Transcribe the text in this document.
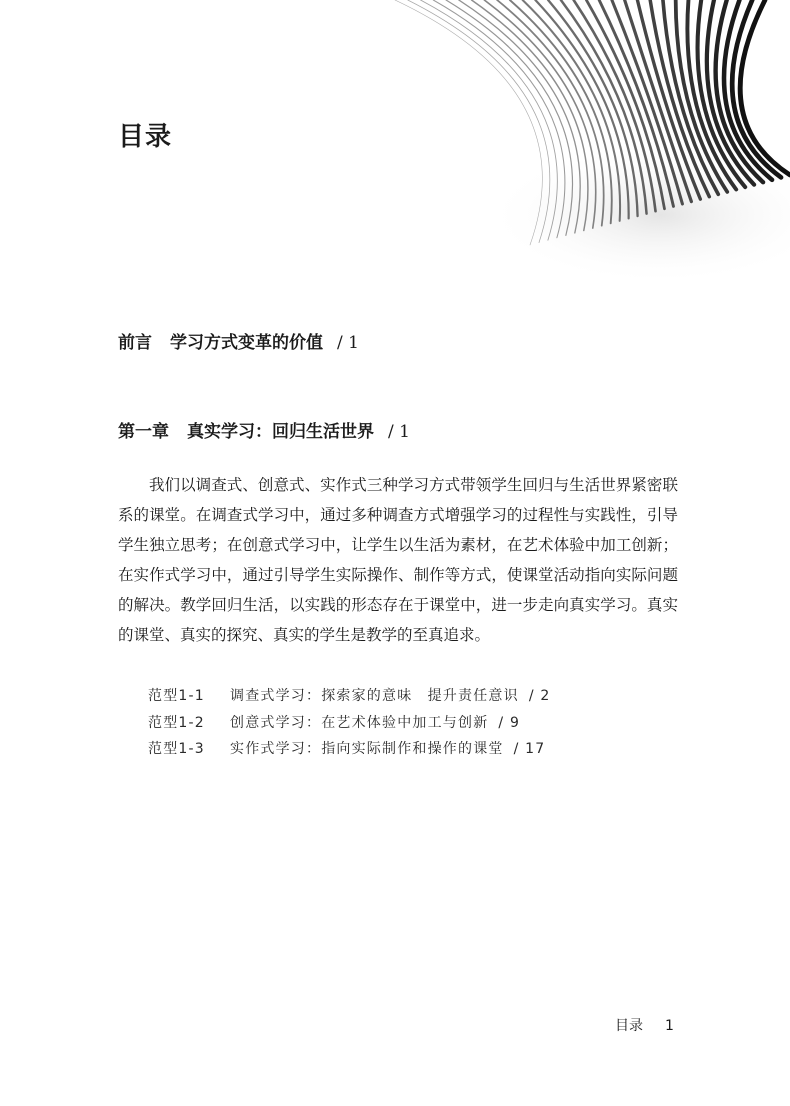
目录
前言 学习方式变革的价值 / 1
第一章 真实学习：回归生活世界 / 1

我们以调查式、创意式、实作式三种学习方式带领学生回归与生活世界紧密联系的课堂。在调查式学习中，通过多种调查方式增强学习的过程性与实践性，引导学生独立思考；在创意式学习中，让学生以生活为素材，在艺术体验中加工创新；在实作式学习中，通过引导学生实际操作、制作等方式，使课堂活动指向实际问题的解决。教学回归生活，以实践的形态存在于课堂中，进一步走向真实学习。真实的课堂、真实的探究、真实的学生是教学的至真追求。

范型1-1 调查式学习：探索家的意味　提升责任意识 / 2
范型1-2 创意式学习：在艺术体验中加工与创新 / 9
范型1-3 实作式学习：指向实际制作和操作的课堂 / 17
目录 1
